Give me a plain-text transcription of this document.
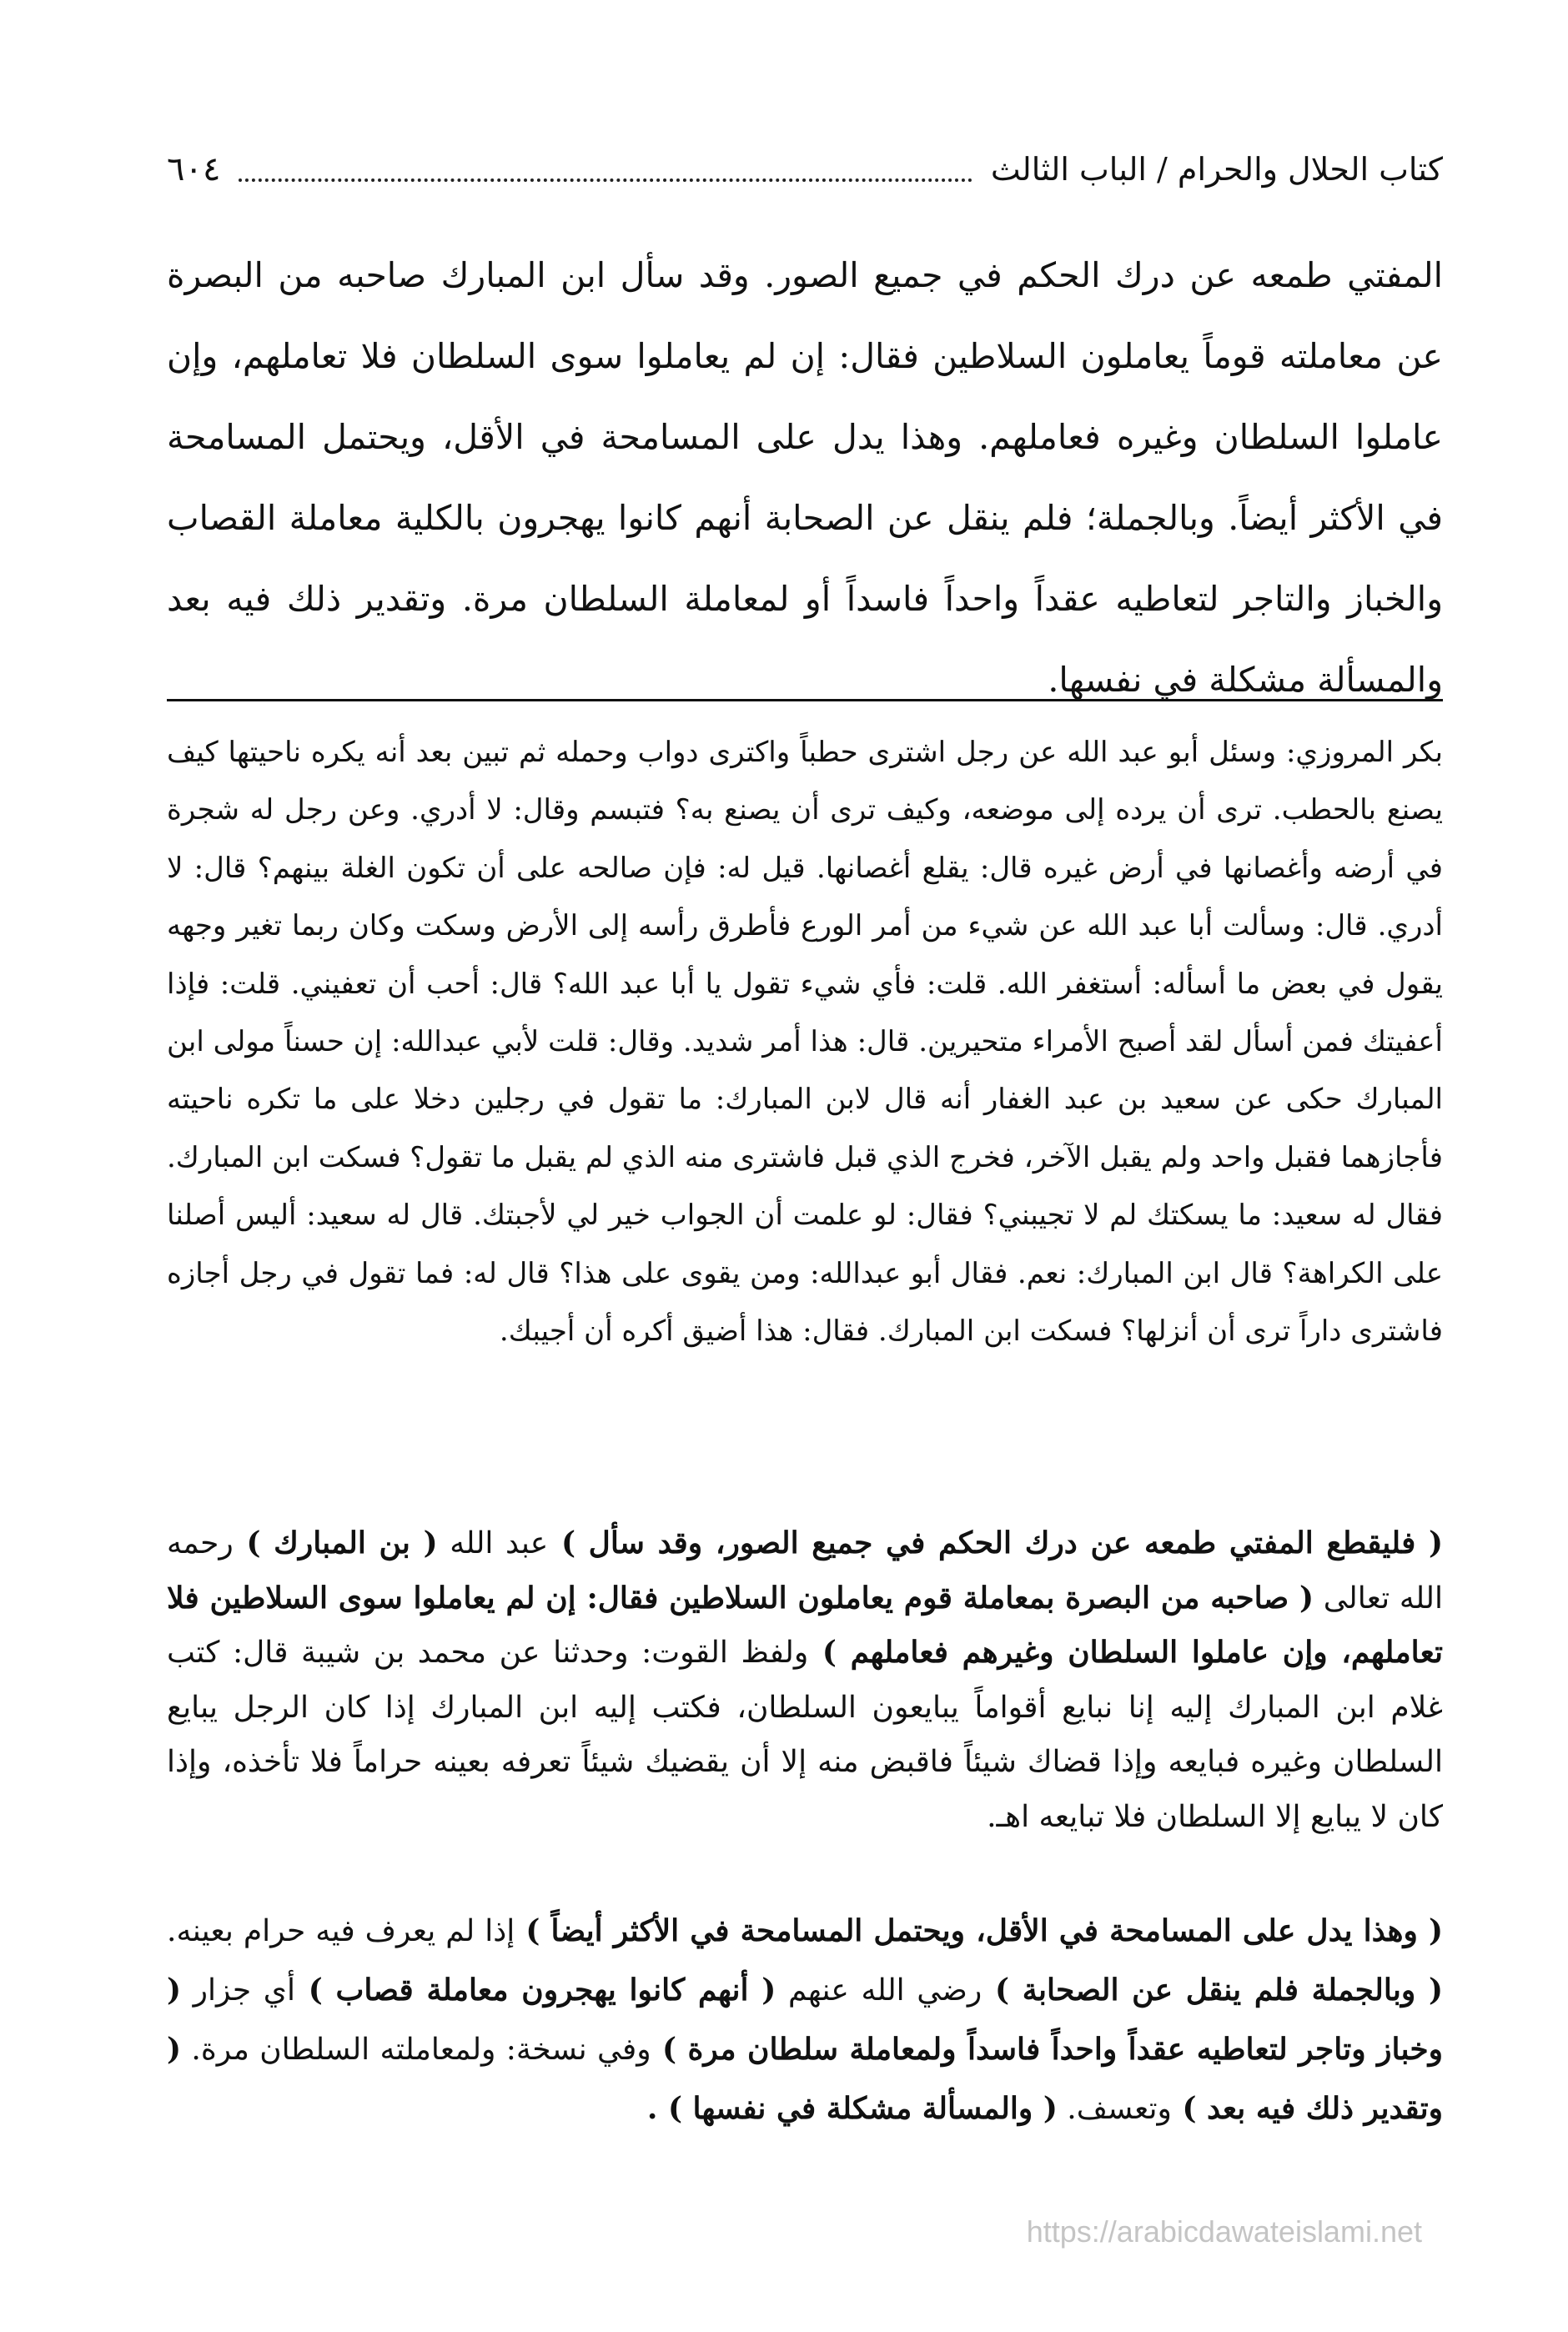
كتاب الحلال والحرام / الباب الثالث
٦٠٤

المفتي طمعه عن درك الحكم في جميع الصور. وقد سأل ابن المبارك صاحبه من البصرة عن معاملته قوماً يعاملون السلاطين فقال: إن لم يعاملوا سوى السلطان فلا تعاملهم، وإن عاملوا السلطان وغيره فعاملهم. وهذا يدل على المسامحة في الأقل، ويحتمل المسامحة في الأكثر أيضاً. وبالجملة؛ فلم ينقل عن الصحابة أنهم كانوا يهجرون بالكلية معاملة القصاب والخباز والتاجر لتعاطيه عقداً واحداً فاسداً أو لمعاملة السلطان مرة. وتقدير ذلك فيه بعد والمسألة مشكلة في نفسها.

بكر المروزي: وسئل أبو عبد الله عن رجل اشترى حطباً واكترى دواب وحمله ثم تبين بعد أنه يكره ناحيتها كيف يصنع بالحطب. ترى أن يرده إلى موضعه، وكيف ترى أن يصنع به؟ فتبسم وقال: لا أدري. وعن رجل له شجرة في أرضه وأغصانها في أرض غيره قال: يقلع أغصانها. قيل له: فإن صالحه على أن تكون الغلة بينهم؟ قال: لا أدري. قال: وسألت أبا عبد الله عن شيء من أمر الورع فأطرق رأسه إلى الأرض وسكت وكان ربما تغير وجهه يقول في بعض ما أسأله: أستغفر الله. قلت: فأي شيء تقول يا أبا عبد الله؟ قال: أحب أن تعفيني. قلت: فإذا أعفيتك فمن أسأل لقد أصبح الأمراء متحيرين. قال: هذا أمر شديد. وقال: قلت لأبي عبدالله: إن حسناً مولى ابن المبارك حكى عن سعيد بن عبد الغفار أنه قال لابن المبارك: ما تقول في رجلين دخلا على ما تكره ناحيته فأجازهما فقبل واحد ولم يقبل الآخر، فخرج الذي قبل فاشترى منه الذي لم يقبل ما تقول؟ فسكت ابن المبارك. فقال له سعيد: ما يسكتك لم لا تجيبني؟ فقال: لو علمت أن الجواب خير لي لأجبتك. قال له سعيد: أليس أصلنا على الكراهة؟ قال ابن المبارك: نعم. فقال أبو عبدالله: ومن يقوى على هذا؟ قال له: فما تقول في رجل أجازه فاشترى داراً ترى أن أنزلها؟ فسكت ابن المبارك. فقال: هذا أضيق أكره أن أجيبك.

( فليقطع المفتي طمعه عن درك الحكم في جميع الصور، وقد سأل ) عبد الله ( بن المبارك ) رحمه الله تعالى ( صاحبه من البصرة بمعاملة قوم يعاملون السلاطين فقال: إن لم يعاملوا سوى السلاطين فلا تعاملهم، وإن عاملوا السلطان وغيرهم فعاملهم ) ولفظ القوت: وحدثنا عن محمد بن شيبة قال: كتب غلام ابن المبارك إليه إنا نبايع أقواماً يبايعون السلطان، فكتب إليه ابن المبارك إذا كان الرجل يبايع السلطان وغيره فبايعه وإذا قضاك شيئاً فاقبض منه إلا أن يقضيك شيئاً تعرفه بعينه حراماً فلا تأخذه، وإذا كان لا يبايع إلا السلطان فلا تبايعه اهـ.

( وهذا يدل على المسامحة في الأقل، ويحتمل المسامحة في الأكثر أيضاً ) إذا لم يعرف فيه حرام بعينه. ( وبالجملة فلم ينقل عن الصحابة ) رضي الله عنهم ( أنهم كانوا يهجرون معاملة قصاب ) أي جزار ( وخباز وتاجر لتعاطيه عقداً واحداً فاسداً ولمعاملة سلطان مرة ) وفي نسخة: ولمعاملته السلطان مرة. ( وتقدير ذلك فيه بعد ) وتعسف. ( والمسألة مشكلة في نفسها ) .

https://arabicdawateislami.net
